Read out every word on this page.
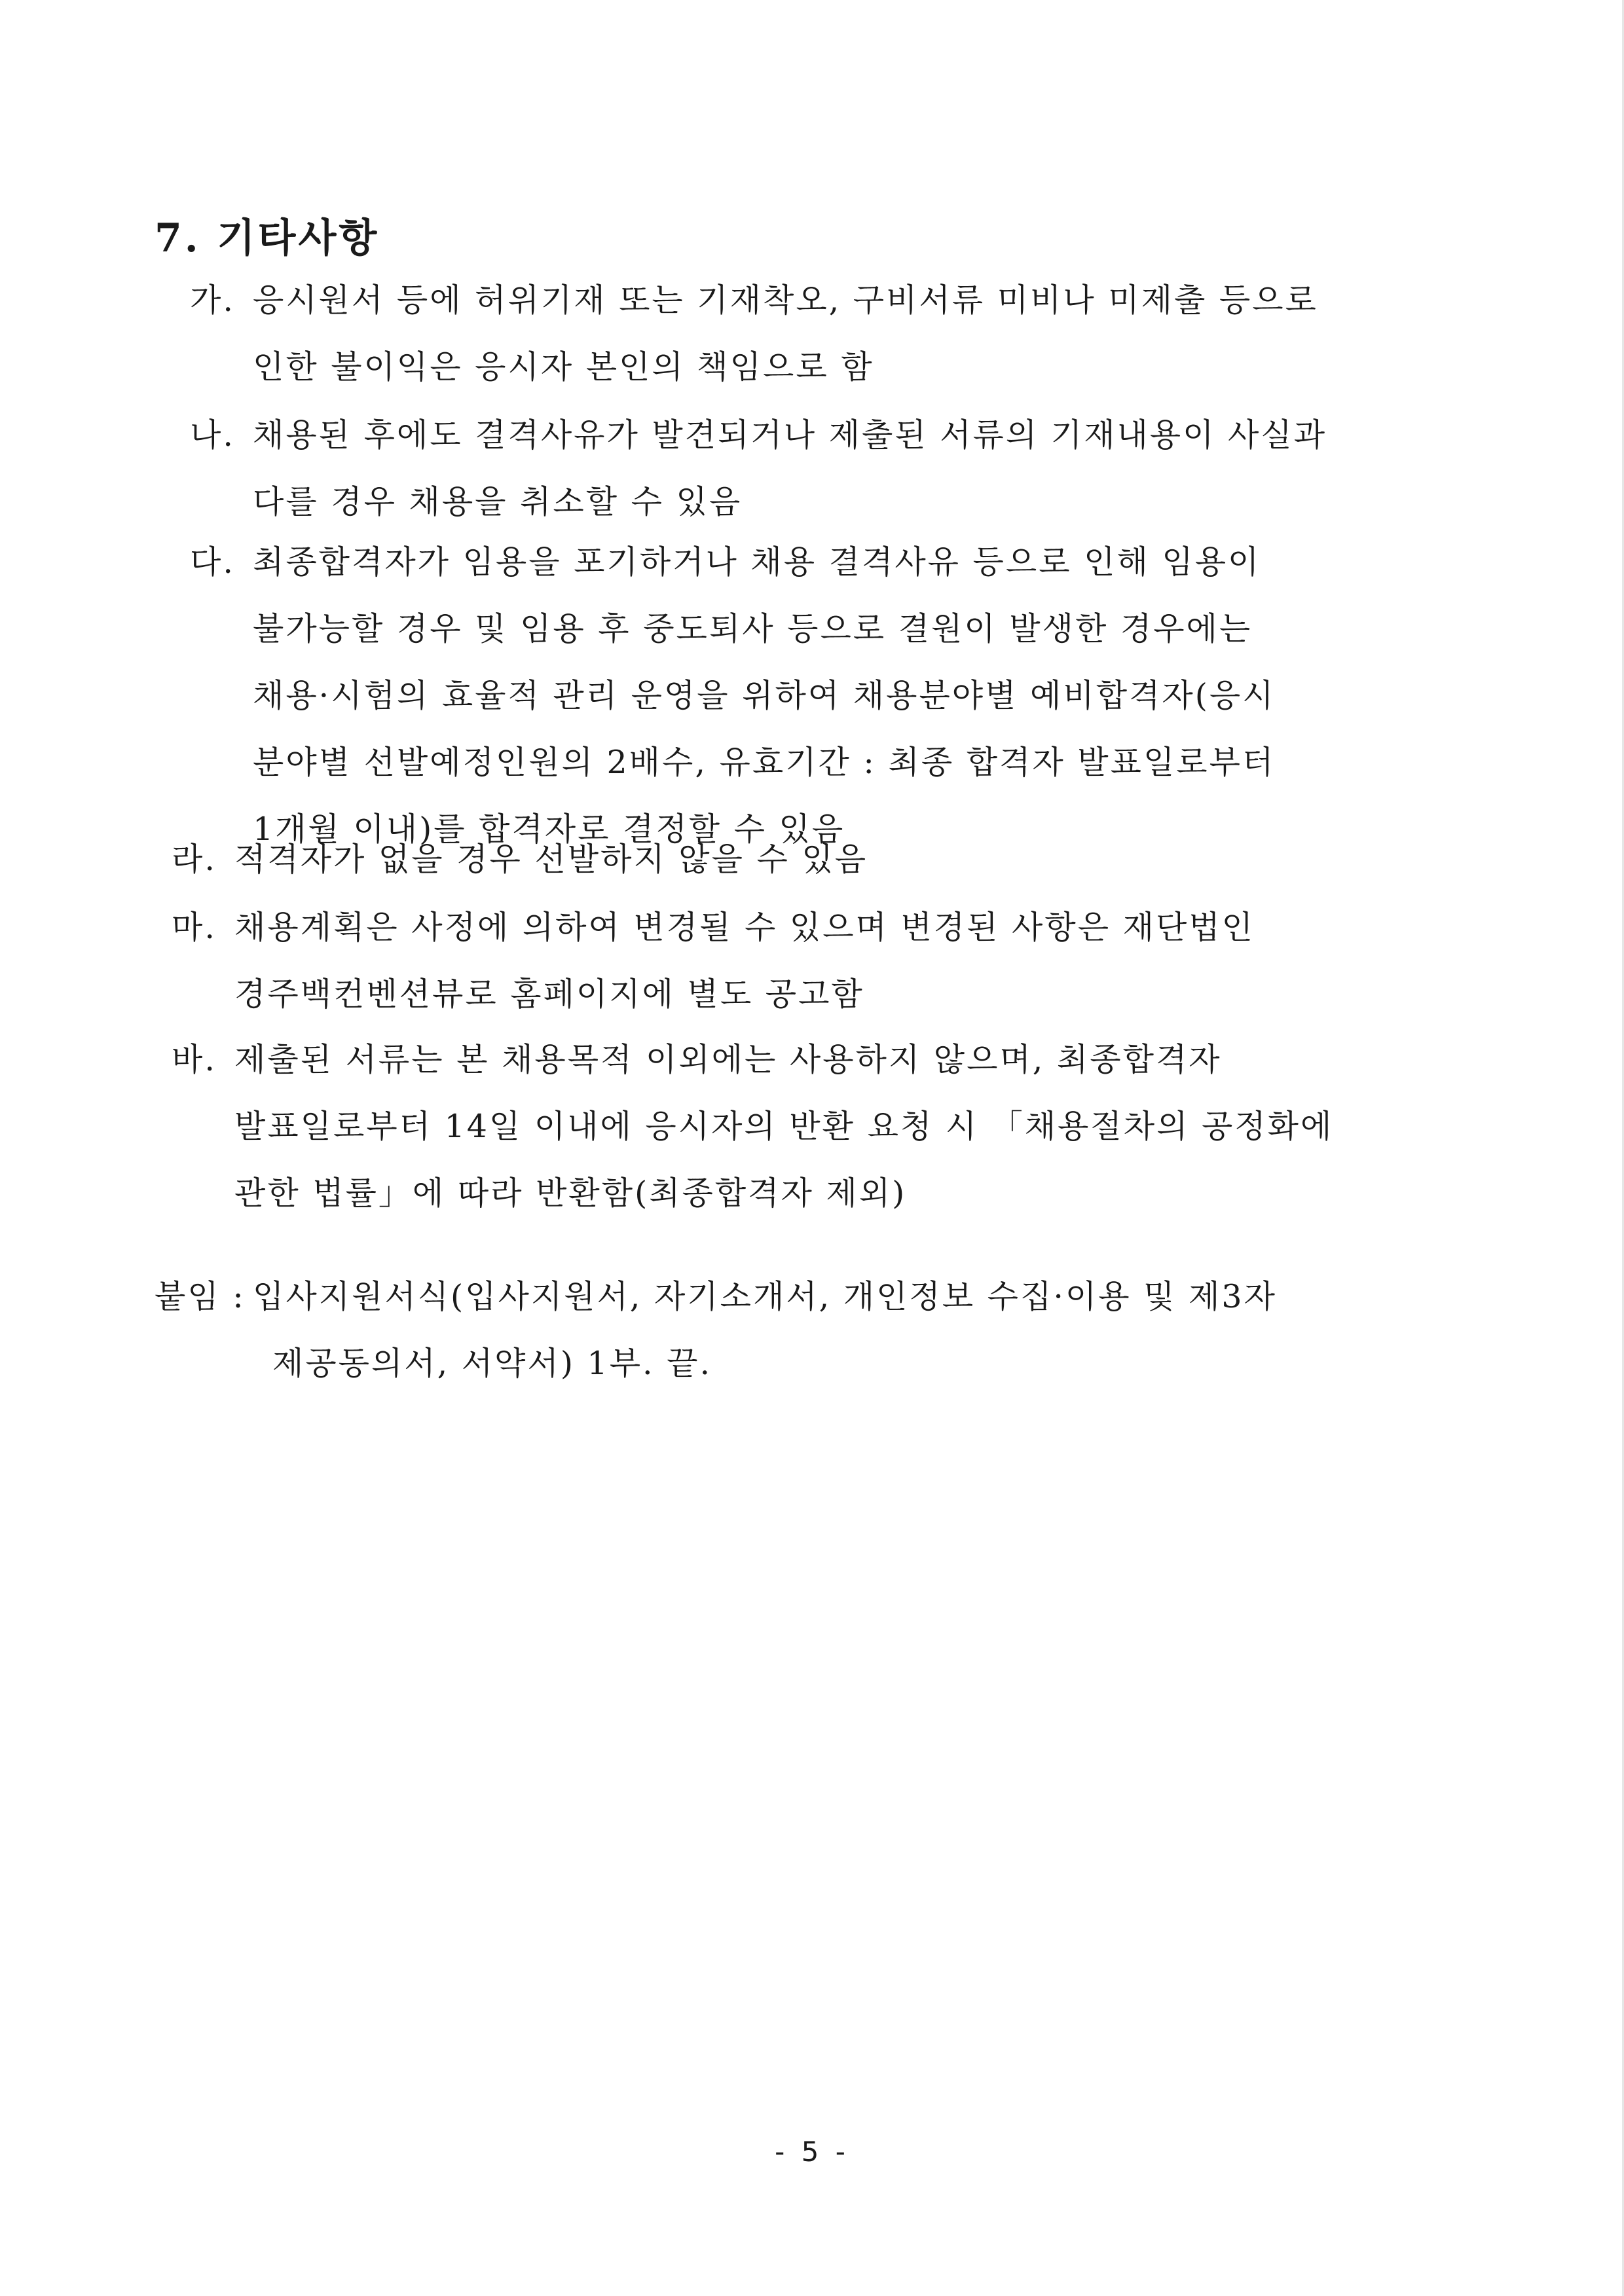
7. 기타사항
가. 응시원서 등에 허위기재 또는 기재착오, 구비서류 미비나 미제출 등으로
인한 불이익은 응시자 본인의 책임으로 함
나. 채용된 후에도 결격사유가 발견되거나 제출된 서류의 기재내용이 사실과
다를 경우 채용을 취소할 수 있음
다. 최종합격자가 임용을 포기하거나 채용 결격사유 등으로 인해 임용이
불가능할 경우 및 임용 후 중도퇴사 등으로 결원이 발생한 경우에는
채용·시험의 효율적 관리 운영을 위하여 채용분야별 예비합격자(응시
분야별 선발예정인원의 2배수, 유효기간 : 최종 합격자 발표일로부터
1개월 이내)를 합격자로 결정할 수 있음
라. 적격자가 없을 경우 선발하지 않을 수 있음
마. 채용계획은 사정에 의하여 변경될 수 있으며 변경된 사항은 재단법인
경주백컨벤션뷰로 홈페이지에 별도 공고함
바. 제출된 서류는 본 채용목적 이외에는 사용하지 않으며, 최종합격자
발표일로부터 14일 이내에 응시자의 반환 요청 시 「채용절차의 공정화에
관한 법률」에 따라 반환함(최종합격자 제외)
붙임 : 입사지원서식(입사지원서, 자기소개서, 개인정보 수집·이용 및 제3자
제공동의서, 서약서) 1부. 끝.
- 5 -
